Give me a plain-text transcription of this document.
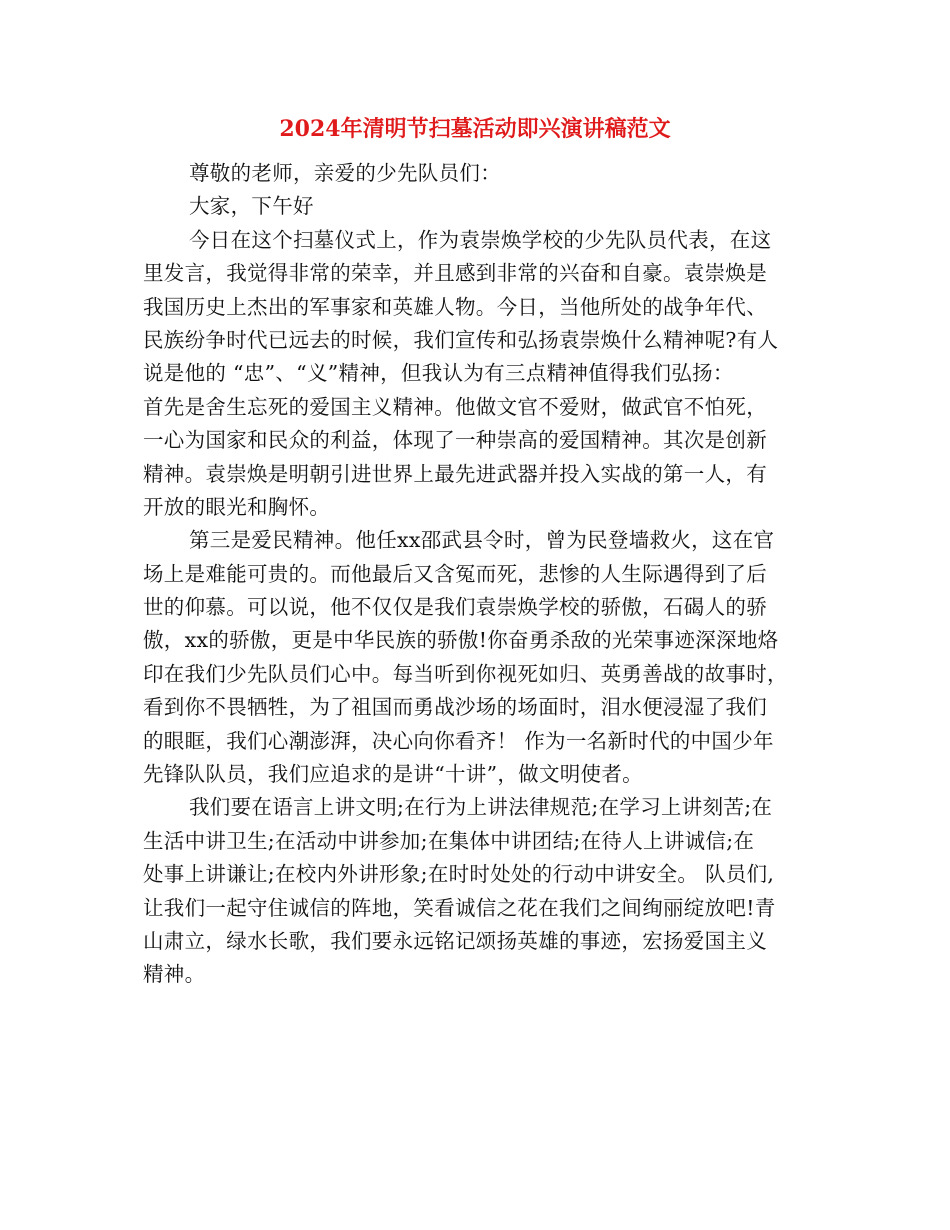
2024年清明节扫墓活动即兴演讲稿范文
尊敬的老师，亲爱的少先队员们：
大家，下午好
今日在这个扫墓仪式上，作为袁崇焕学校的少先队员代表，在这
里发言，我觉得非常的荣幸，并且感到非常的兴奋和自豪。袁崇焕是
我国历史上杰出的军事家和英雄人物。今日，当他所处的战争年代、
民族纷争时代已远去的时候，我们宣传和弘扬袁崇焕什么精神呢?有人
说是他的 “忠”、“义”精神，但我认为有三点精神值得我们弘扬：
首先是舍生忘死的爱国主义精神。他做文官不爱财，做武官不怕死，
一心为国家和民众的利益，体现了一种崇高的爱国精神。其次是创新
精神。袁崇焕是明朝引进世界上最先进武器并投入实战的第一人，有
开放的眼光和胸怀。
第三是爱民精神。他任xx邵武县令时，曾为民登墙救火，这在官
场上是难能可贵的。而他最后又含冤而死，悲惨的人生际遇得到了后
世的仰慕。可以说，他不仅仅是我们袁崇焕学校的骄傲，石碣人的骄
傲，xx的骄傲，更是中华民族的骄傲!你奋勇杀敌的光荣事迹深深地烙
印在我们少先队员们心中。每当听到你视死如归、英勇善战的故事时，
看到你不畏牺牲，为了祖国而勇战沙场的场面时，泪水便浸湿了我们
的眼眶，我们心潮澎湃，决心向你看齐！ 作为一名新时代的中国少年
先锋队队员，我们应追求的是讲“十讲”，做文明使者。
我们要在语言上讲文明;在行为上讲法律规范;在学习上讲刻苦;在
生活中讲卫生;在活动中讲参加;在集体中讲团结;在待人上讲诚信;在
处事上讲谦让;在校内外讲形象;在时时处处的行动中讲安全。 队员们,
让我们一起守住诚信的阵地，笑看诚信之花在我们之间绚丽绽放吧!青
山肃立，绿水长歌，我们要永远铭记颂扬英雄的事迹，宏扬爱国主义
精神。
